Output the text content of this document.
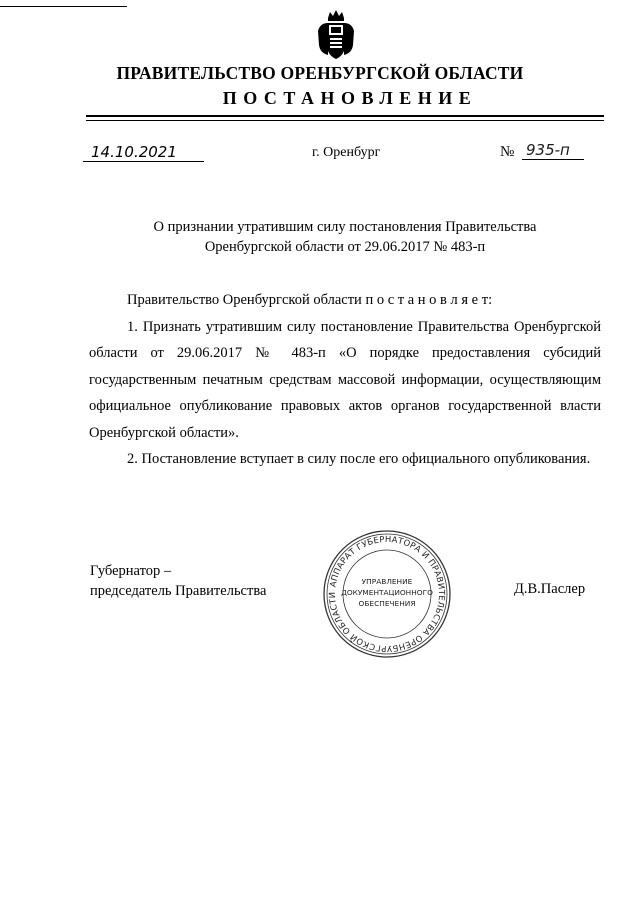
ПРАВИТЕЛЬСТВО ОРЕНБУРГСКОЙ ОБЛАСТИ
ПОСТАНОВЛЕНИЕ
14.10.2021	г. Оренбург	№ 935-п
О признании утратившим силу постановления Правительства
Оренбургской области от 29.06.2017 № 483-п

Правительство Оренбургской области п о с т а н о в л я е т:

1. Признать утратившим силу постановление Правительства Оренбургской области от 29.06.2017 № 483-п «О порядке предоставления субсидий государственным печатным средствам массовой информации, осуществляющим официальное опубликование правовых актов органов государственной власти Оренбургской области».

2. Постановление вступает в силу после его официального опубликования.

Губернатор –
председатель Правительства	АППАРАТ ГУБЕРНАТОРА И ПРАВИТЕЛЬСТВА ОРЕНБУРГСКОЙ ОБЛАСТИ
УПРАВЛЕНИЕ
ДОКУМЕНТАЦИОННОГО
ОБЕСПЕЧЕНИЯ
Д.В.Паслер
